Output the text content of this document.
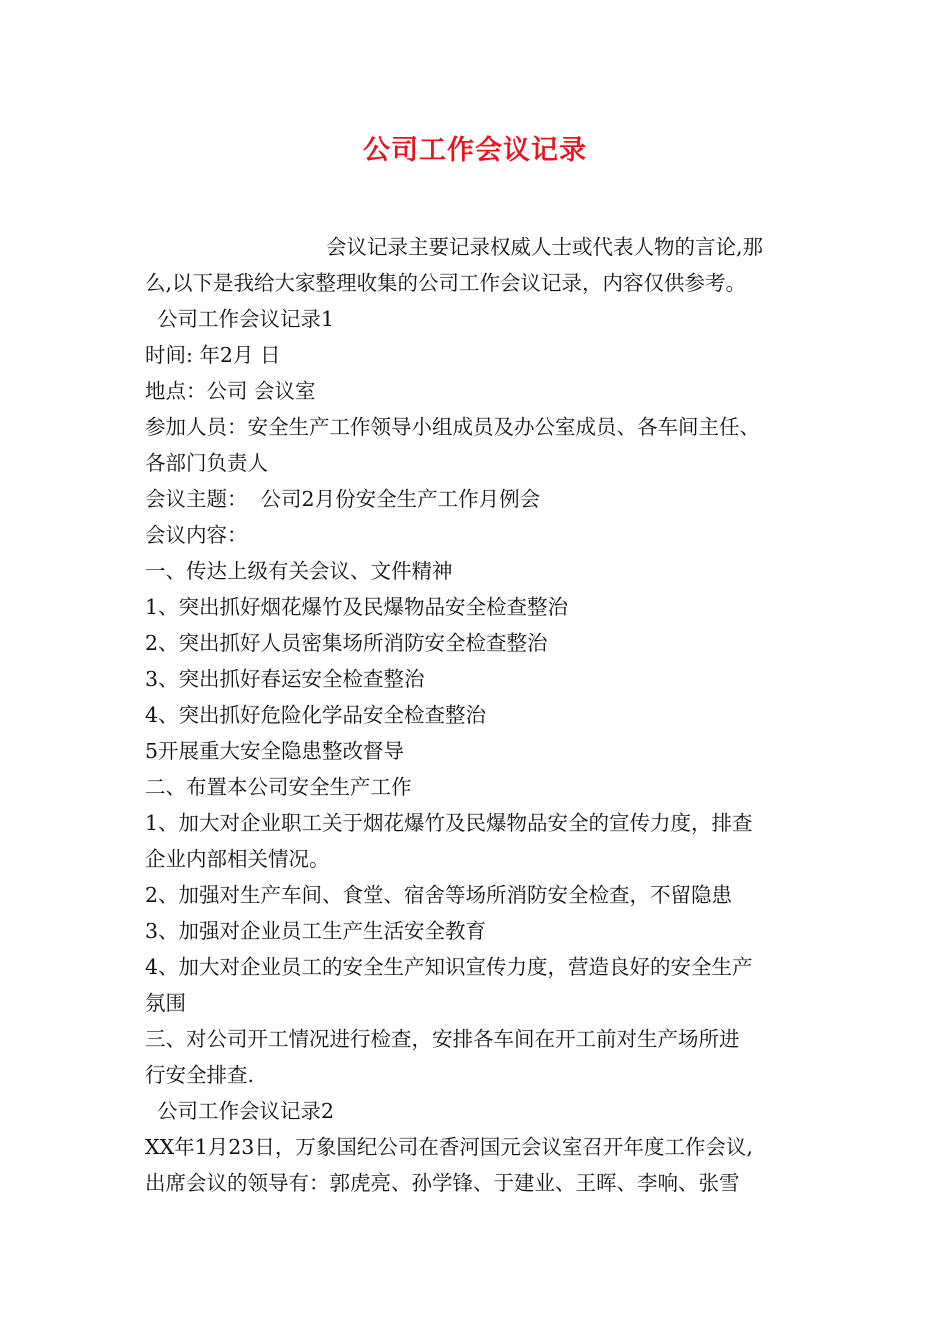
公司工作会议记录
会议记录主要记录权威人士或代表人物的言论,那
么,以下是我给大家整理收集的公司工作会议记录，内容仅供参考。
公司工作会议记录1
时间: 年2月 日
地点：公司 会议室
参加人员：安全生产工作领导小组成员及办公室成员、各车间主任、
各部门负责人
会议主题：  公司2月份安全生产工作月例会
会议内容：
一、传达上级有关会议、文件精神
1、突出抓好烟花爆竹及民爆物品安全检查整治
2、突出抓好人员密集场所消防安全检查整治
3、突出抓好春运安全检查整治
4、突出抓好危险化学品安全检查整治
5开展重大安全隐患整改督导
二、布置本公司安全生产工作
1、加大对企业职工关于烟花爆竹及民爆物品安全的宣传力度，排查
企业内部相关情况。
2、加强对生产车间、食堂、宿舍等场所消防安全检查，不留隐患
3、加强对企业员工生产生活安全教育
4、加大对企业员工的安全生产知识宣传力度，营造良好的安全生产
氛围
三、对公司开工情况进行检查，安排各车间在开工前对生产场所进
行安全排查.
公司工作会议记录2
XX年1月23日，万象国纪公司在香河国元会议室召开年度工作会议,
出席会议的领导有：郭虎亮、孙学锋、于建业、王晖、李响、张雪
